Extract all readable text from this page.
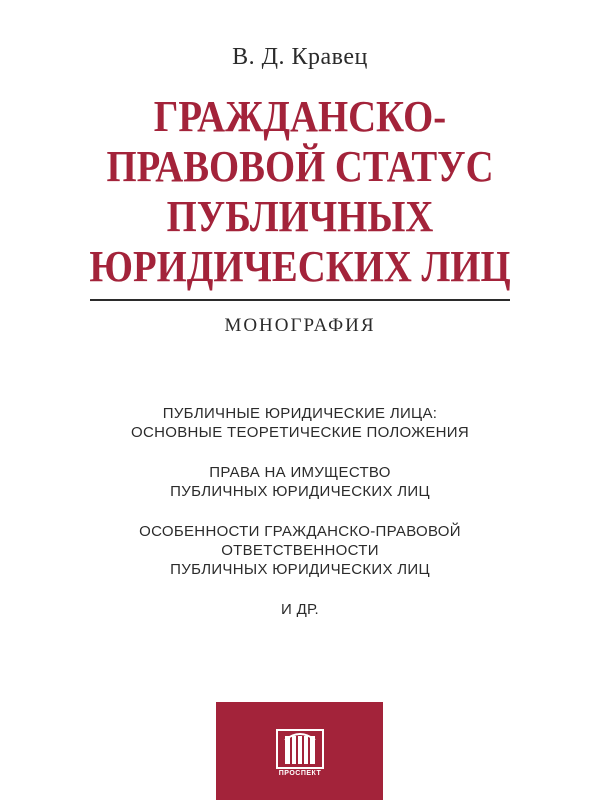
В. Д. Кравец
ГРАЖДАНСКО-
ПРАВОВОЙ СТАТУС
ПУБЛИЧНЫХ
ЮРИДИЧЕСКИХ ЛИЦ
МОНОГРАФИЯ
ПУБЛИЧНЫЕ ЮРИДИЧЕСКИЕ ЛИЦА:
ОСНОВНЫЕ ТЕОРЕТИЧЕСКИЕ ПОЛОЖЕНИЯ
ПРАВА НА ИМУЩЕСТВО
ПУБЛИЧНЫХ ЮРИДИЧЕСКИХ ЛИЦ
ОСОБЕННОСТИ ГРАЖДАНСКО-ПРАВОВОЙ
ОТВЕТСТВЕННОСТИ
ПУБЛИЧНЫХ ЮРИДИЧЕСКИХ ЛИЦ
И ДР.
ПРОСПЕКТ
